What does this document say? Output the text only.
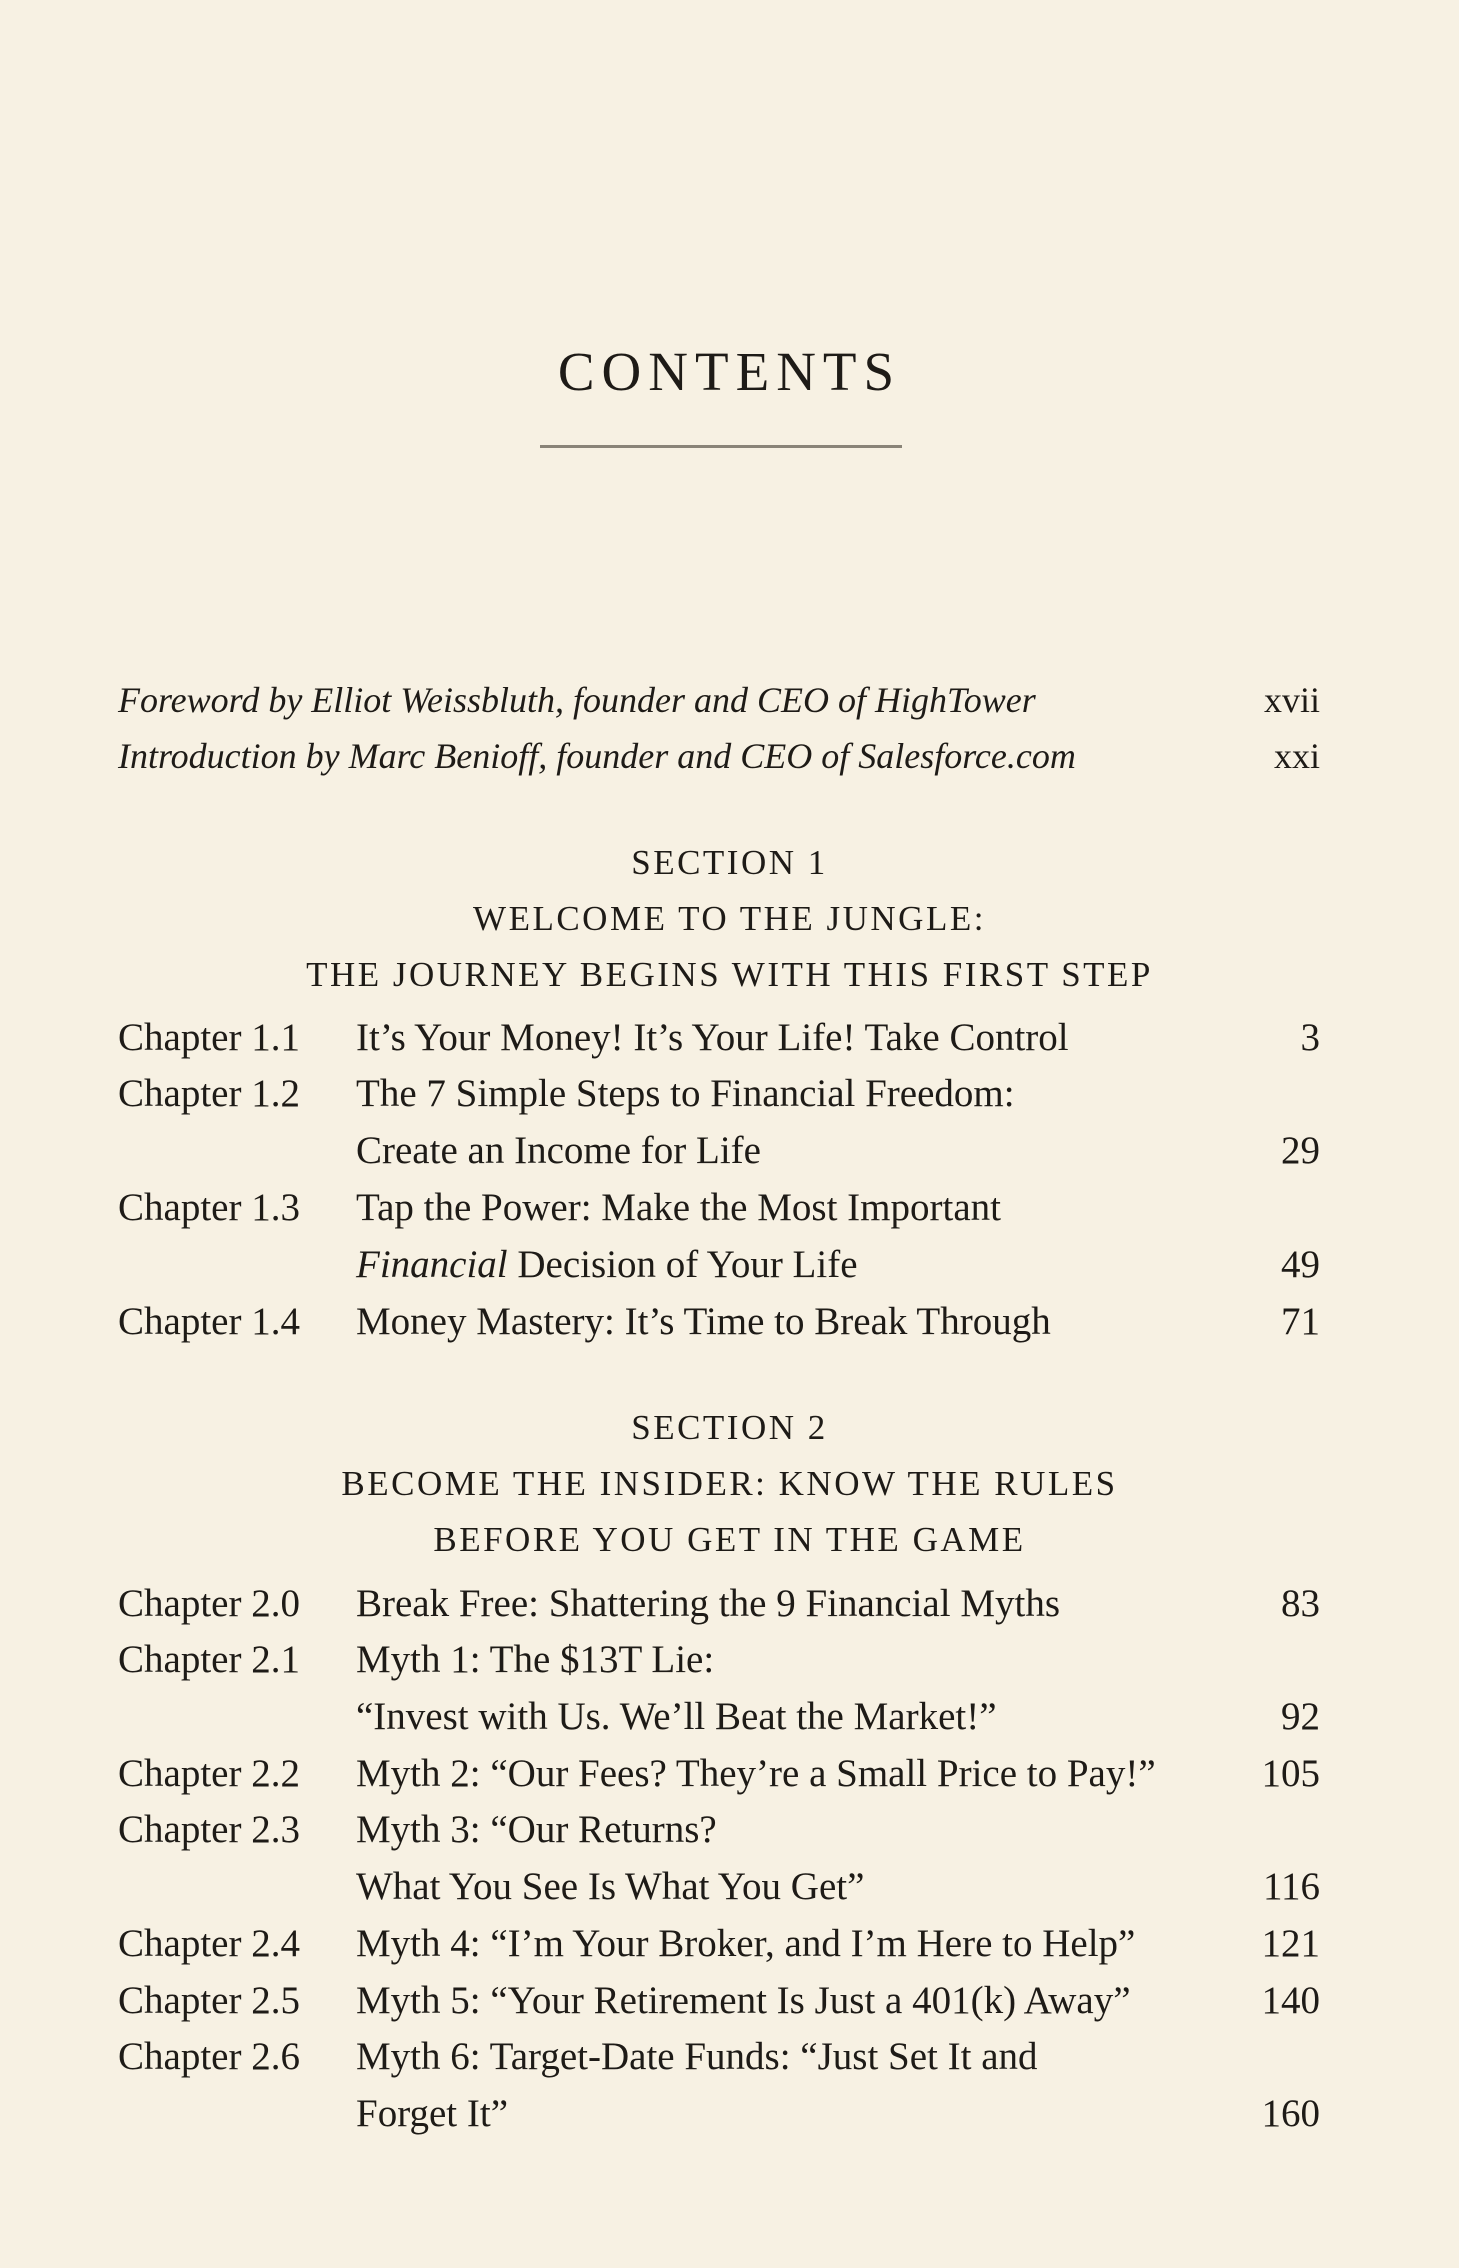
CONTENTS
Foreword by Elliot Weissbluth, founder and CEO of HighTower	xvii
Introduction by Marc Benioff, founder and CEO of Salesforce.com	xxi
SECTION 1
WELCOME TO THE JUNGLE:
THE JOURNEY BEGINS WITH THIS FIRST STEP
Chapter 1.1 It’s Your Money! It’s Your Life! Take Control	3
Chapter 1.2 The 7 Simple Steps to Financial Freedom:
Create an Income for Life	29
Chapter 1.3 Tap the Power: Make the Most Important
Financial Decision of Your Life	49
Chapter 1.4 Money Mastery: It’s Time to Break Through	71
SECTION 2
BECOME THE INSIDER: KNOW THE RULES
BEFORE YOU GET IN THE GAME
Chapter 2.0 Break Free: Shattering the 9 Financial Myths	83
Chapter 2.1 Myth 1: The $13T Lie:
“Invest with Us. We’ll Beat the Market!”	92
Chapter 2.2 Myth 2: “Our Fees? They’re a Small Price to Pay!”	105
Chapter 2.3 Myth 3: “Our Returns?
What You See Is What You Get”	116
Chapter 2.4 Myth 4: “I’m Your Broker, and I’m Here to Help”	121
Chapter 2.5 Myth 5: “Your Retirement Is Just a 401(k) Away”	140
Chapter 2.6 Myth 6: Target-Date Funds: “Just Set It and
Forget It”	160
